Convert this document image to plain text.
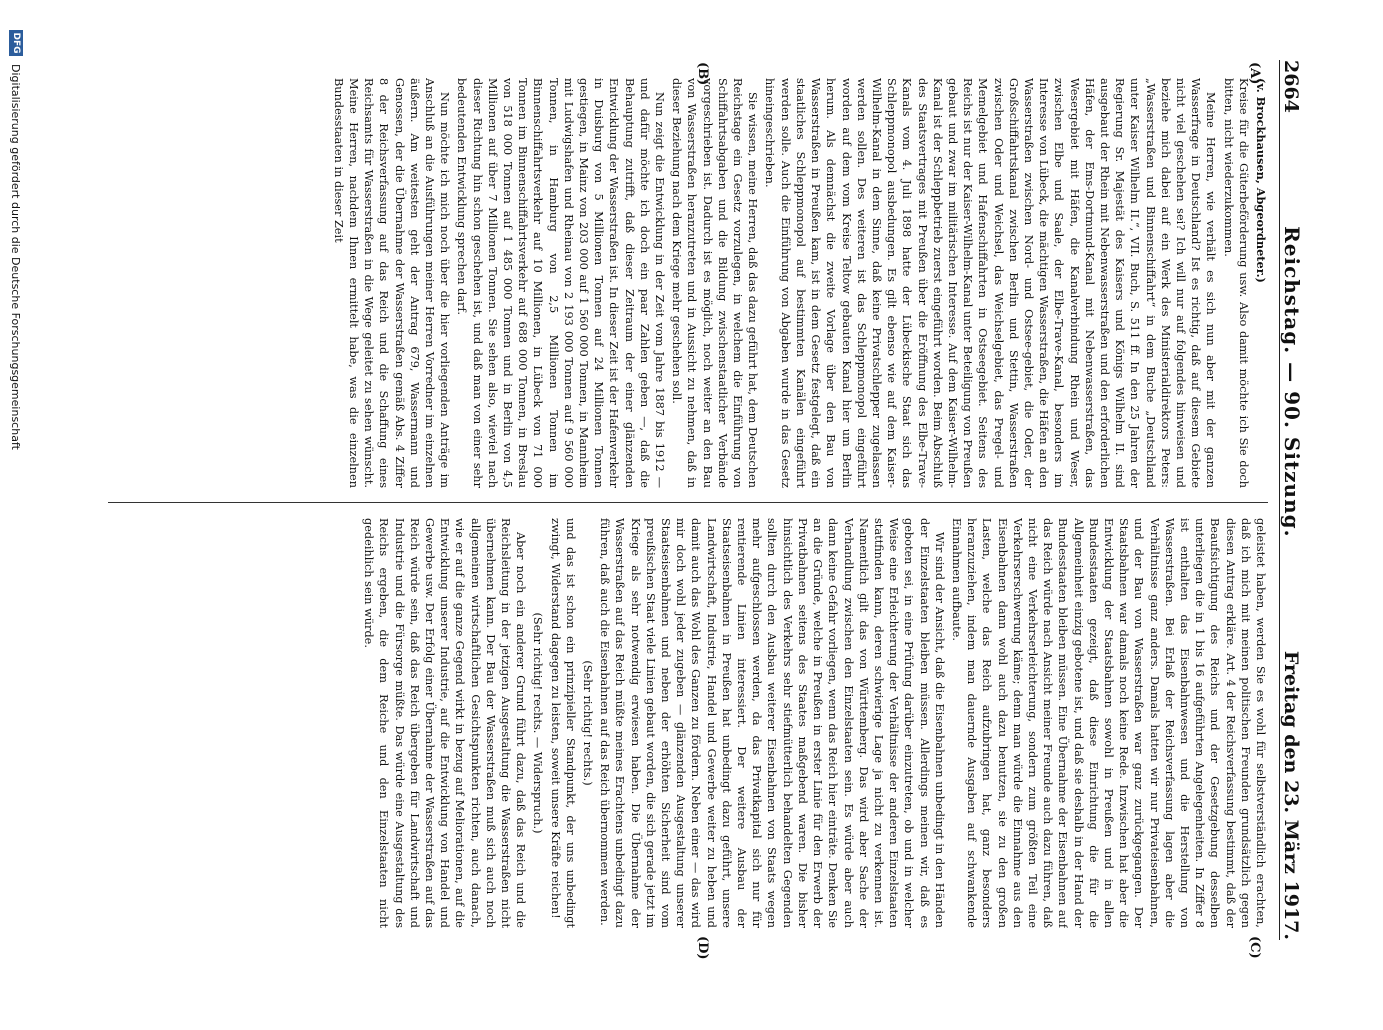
2664
Reichstag. — 90. Sitzung.
Freitag den 23. März 1917.
(A)
(B)
(C)
(D)

(v. Brockhausen, Abgeordneter.)

Kreise für die Güterbeförderung usw. Also damit möchte ich Sie doch bitten, nicht wiederzukommen.

Meine Herren, wie verhält es sich nun aber mit der ganzen Wasserfrage in Deutschland? Ist es richtig, daß auf diesem Gebiete nicht viel geschehen sei? Ich will nur auf folgendes hinweisen und beziehe mich dabei auf ein Werk des Ministerialdirektors Peters: „Wasserstraßen und Binnenschiffahrt“ in dem Buche „Deutschland unter Kaiser Wilhelm II.“, VII. Buch, S. 511 ff. In den 25 Jahren der Regierung Sr. Majestät des Kaisers und Königs Wilhelm II. sind ausgebaut der Rhein mit Nebenwasserstraßen und den erforderlichen Häfen, der Ems-Dortmund-Kanal mit Nebenwasserstraßen, das Wesergebiet mit Häfen, die Kanalverbindung Rhein und Weser, zwischen Elbe und Saale, der Elbe-Trave-Kanal, besonders im Interesse von Lübeck, die mächtigen Wasserstraßen, die Häfen an den Wasserstraßen zwischen Nord- und Ostsee-gebiet, die Oder, der Großschiffahrtskanal zwischen Berlin und Stettin, Wasserstraßen zwischen Oder und Weichsel, das Weichselgebiet, das Pregel- und Memelgebiet und Hafenschiffahrten in Ostseegebiet. Seitens des Reichs ist nur der Kaiser-Wilhelm-Kanal unter Beteiligung von Preußen gebaut und zwar im militärischen Interesse. Auf dem Kaiser-Wilhelm-Kanal ist der Schleppbetrieb zuerst eingeführt worden. Beim Abschluß des Staatsvertrages mit Preußen über die Eröffnung des Elbe-Trave-Kanals vom 4. Juli 1898 hatte der Lübeckische Staat sich das Schleppmonopol ausbedungen. Es gilt ebenso wie auf dem Kaiser-Wilhelm-Kanal in dem Sinne, daß keine Privatschlepper zugelassen werden sollen. Des weiteren ist das Schleppmonopol eingeführt worden auf dem vom Kreise Teltow gebauten Kanal hier um Berlin herum. Als demnächst die zweite Vorlage über den Bau von Wasserstraßen in Preußen kam, ist in dem Gesetz festgelegt, daß ein staatliches Schleppmonopol auf bestimmten Kanälen eingeführt werden solle. Auch die Einführung von Abgaben wurde in das Gesetz hineingeschrieben.

Sie wissen, meine Herren, daß das dazu geführt hat, dem Deutschen Reichstage ein Gesetz vorzulegen, in welchem die Einführung von Schiffahrtsabgaben und die Bildung zwischenstaatlicher Verbände vorgeschrieben ist. Dadurch ist es möglich, noch weiter an den Bau von Wasserstraßen heranzutreten und in Aussicht zu nehmen, daß in dieser Beziehung nach dem Kriege mehr geschehen soll.

Nun zeigt die Entwicklung in der Zeit vom Jahre 1887 bis 1912 — und dafür möchte ich doch ein paar Zahlen geben —, daß die Behauptung zutrifft, daß dieser Zeitraum der einer glänzenden Entwicklung der Wasserstraßen ist. In dieser Zeit ist der Hafenverkehr in Duisburg von 5 Millionen Tonnen auf 24 Millionen Tonnen gestiegen, in Mainz von 203 000 auf 1 560 000 Tonnen, in Mannheim mit Ludwigshafen und Rheinau von 2 193 000 Tonnen auf 9 560 000 Tonnen, in Hamburg von 2,5 Millionen Tonnen im Binnenschiffahrtsverkehr auf 10 Millionen, in Lübeck von 71 000 Tonnen im Binnenschiffahrtsverkehr auf 688 000 Tonnen, in Breslau von 518 000 Tonnen auf 1 485 000 Tonnen und in Berlin von 4,5 Millionen auf über 7 Millionen Tonnen. Sie sehen also, wieviel nach dieser Richtung hin schon geschehen ist, und daß man von einer sehr bedeutenden Entwicklung sprechen darf.

Nun möchte ich mich noch über die hier vorliegenden Anträge im Anschluß an die Ausführungen meiner Herren Vorredner im einzelnen äußern. Am weitesten geht der Antrag 679, Wassermann und Genossen, der die Übernahme der Wasserstraßen gemäß Abs. 4 Ziffer 8 der Reichsverfassung auf das Reich und die Schaffung eines Reichsamts für Wasserstraßen in die Wege geleitet zu sehen wünscht. Meine Herren, nachdem Ihnen ermittelt habe, was die einzelnen Bundesstaaten in dieser Zeit

geleistet haben, werden Sie es wohl für selbstverständlich erachten, daß ich mich mit meinen politischen Freunden grundsätzlich gegen diesen Antrag erkläre. Art. 4 der Reichsverfassung bestimmt, daß der Beaufsichtigung des Reichs und der Gesetzgebung desselben unterliegen die in 1 bis 16 aufgeführten Angelegenheiten. In Ziffer 8 ist enthalten das Eisenbahnwesen und die Herstellung von Wasserstraßen. Bei Erlaß der Reichsverfassung lagen aber die Verhältnisse ganz anders. Damals hatten wir nur Privateisenbahnen, und der Bau von Wasserstraßen war ganz zurückgegangen. Der Staatsbahnen war damals noch keine Rede. Inzwischen hat aber die Entwicklung der Staatsbahnen sowohl in Preußen und in allen Bundesstaaten gezeigt, daß diese Einrichtung die für die Allgemeinheit einzig gebotene ist, und daß sie deshalb in der Hand der Bundesstaaten bleiben müssen. Eine Übernahme der Eisenbahnen auf das Reich würde nach Ansicht meiner Freunde auch dazu führen, daß nicht eine Verkehrserleichterung, sondern zum größten Teil eine Verkehrserschwerung käme; denn man würde die Einnahme aus den Eisenbahnen dann wohl auch dazu benutzen, sie zu den großen Lasten, welche das Reich aufzubringen hat, ganz besonders heranzuziehen, indem man dauernde Ausgaben auf schwankende Einnahmen aufbaute.

Wir sind der Ansicht, daß die Eisenbahnen unbedingt in den Händen der Einzelstaaten bleiben müssen. Allerdings meinen wir, daß es geboten sei, in eine Prüfung darüber einzutreten, ob und in welcher Weise eine Erleichterung der Verhältnisse der anderen Einzelstaaten stattfinden kann, deren schwierige Lage ja nicht zu verkennen ist. Namentlich gilt das von Württemberg. Das wird aber Sache der Verhandlung zwischen den Einzelstaaten sein. Es würde aber auch dann keine Gefahr vorliegen, wenn das Reich hier einträte. Denken Sie an die Gründe, welche in Preußen in erster Linie für den Erwerb der Privatbahnen seitens des Staates maßgebend waren. Die bisher hinsichtlich des Verkehrs sehr stiefmütterlich behandelten Gegenden sollten durch den Ausbau weiterer Eisenbahnen von Staats wegen mehr aufgeschlossen werden, da das Privatkapital sich nur für rentierende Linien interessiert. Der weitere Ausbau der Staatseisenbahnen in Preußen hat unbedingt dazu geführt, unsere Landwirtschaft, Industrie, Handel und Gewerbe weiter zu heben und damit auch das Wohl des Ganzen zu fördern. Neben einer — das wird mir doch wohl jeder zugeben — glänzenden Ausgestaltung unserer Staatseisenbahnen und neben der erhöhten Sicherheit sind vom preußischen Staat viele Linien gebaut worden, die sich gerade jetzt im Kriege als sehr notwendig erwiesen haben. Die Übernahme der Wasserstraßen auf das Reich müßte meines Erachtens unbedingt dazu führen, daß auch die Eisenbahnen auf das Reich übernommen werden.

(Sehr richtig! rechts.)

und das ist schon ein prinzipieller Standpunkt, der uns unbedingt zwingt, Widerstand dagegen zu leisten, soweit unsere Kräfte reichen!

(Sehr richtig! rechts. — Widerspruch.)

Aber noch ein anderer Grund führt dazu, daß das Reich und die Reichsleitung in der jetzigen Ausgestaltung die Wasserstraßen nicht übernehmen kann. Der Bau der Wasserstraßen muß sich auch noch allgemeinen wirtschaftlichen Gesichtspunkten richten, auch danach, wie er auf die ganze Gegend wirkt in bezug auf Meliorationen, auf die Entwicklung unserer Industrie, auf die Entwicklung von Handel und Gewerbe usw. Der Erfolg einer Übernahme der Wasserstraßen auf das Reich würde sein, daß das Reich übergeben für Landwirtschaft und Industrie und die Fürsorge müßte. Das würde eine Ausgestaltung des Reichs ergeben, die dem Reiche und den Einzelstaaten nicht gedeihlich sein würde.

DFG
Digitalisierung gefördert durch die Deutsche Forschungsgemeinschaft
